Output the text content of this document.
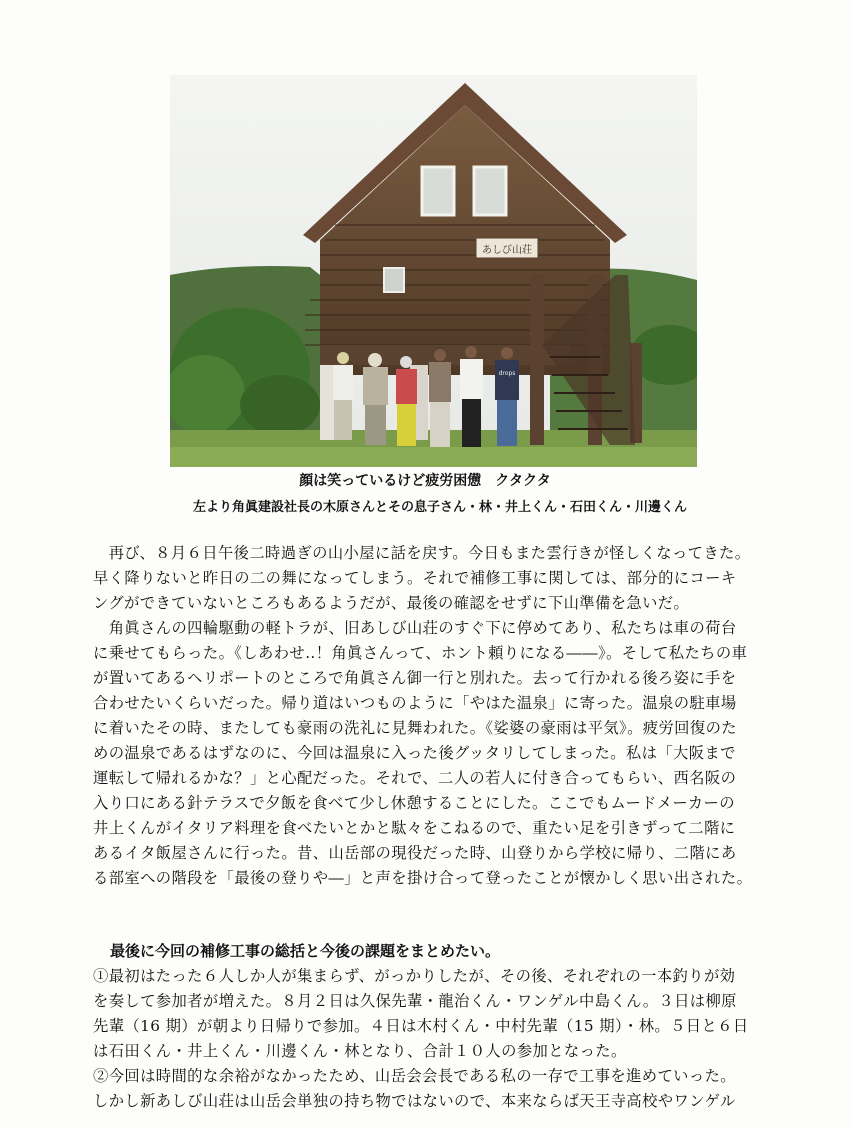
あしび山荘
drops
顔は笑っているけど疲労困憊　クタクタ
左より角眞建設社長の木原さんとその息子さん・林・井上くん・石田くん・川邊くん
　再び、８月６日午後二時過ぎの山小屋に話を戻す。今日もまた雲行きが怪しくなってきた。
早く降りないと昨日の二の舞になってしまう。それで補修工事に関しては、部分的にコーキ
ングができていないところもあるようだが、最後の確認をせずに下山準備を急いだ。
　角眞さんの四輪駆動の軽トラが、旧あしび山荘のすぐ下に停めてあり、私たちは車の荷台
に乗せてもらった。《しあわせ‥！角眞さんって、ホント頼りになる――》。そして私たちの車
が置いてあるヘリポートのところで角眞さん御一行と別れた。去って行かれる後ろ姿に手を
合わせたいくらいだった。帰り道はいつものように「やはた温泉」に寄った。温泉の駐車場
に着いたその時、またしても豪雨の洗礼に見舞われた。《娑婆の豪雨は平気》。疲労回復のた
めの温泉であるはずなのに、今回は温泉に入った後グッタリしてしまった。私は「大阪まで
運転して帰れるかな？」と心配だった。それで、二人の若人に付き合ってもらい、西名阪の
入り口にある針テラスで夕飯を食べて少し休憩することにした。ここでもムードメーカーの
井上くんがイタリア料理を食べたいとかと駄々をこねるので、重たい足を引きずって二階に
あるイタ飯屋さんに行った。昔、山岳部の現役だった時、山登りから学校に帰り、二階にあ
る部室への階段を「最後の登りや―」と声を掛け合って登ったことが懐かしく思い出された。
最後に今回の補修工事の総括と今後の課題をまとめたい。
①最初はたった６人しか人が集まらず、がっかりしたが、その後、それぞれの一本釣りが効
を奏して参加者が増えた。８月２日は久保先輩・龍治くん・ワンゲル中島くん。３日は柳原
先輩（16 期）が朝より日帰りで参加。４日は木村くん・中村先輩（15 期）・林。５日と６日
は石田くん・井上くん・川邊くん・林となり、合計１０人の参加となった。
②今回は時間的な余裕がなかったため、山岳会会長である私の一存で工事を進めていった。
しかし新あしび山荘は山岳会単独の持ち物ではないので、本来ならば天王寺高校やワンゲル
